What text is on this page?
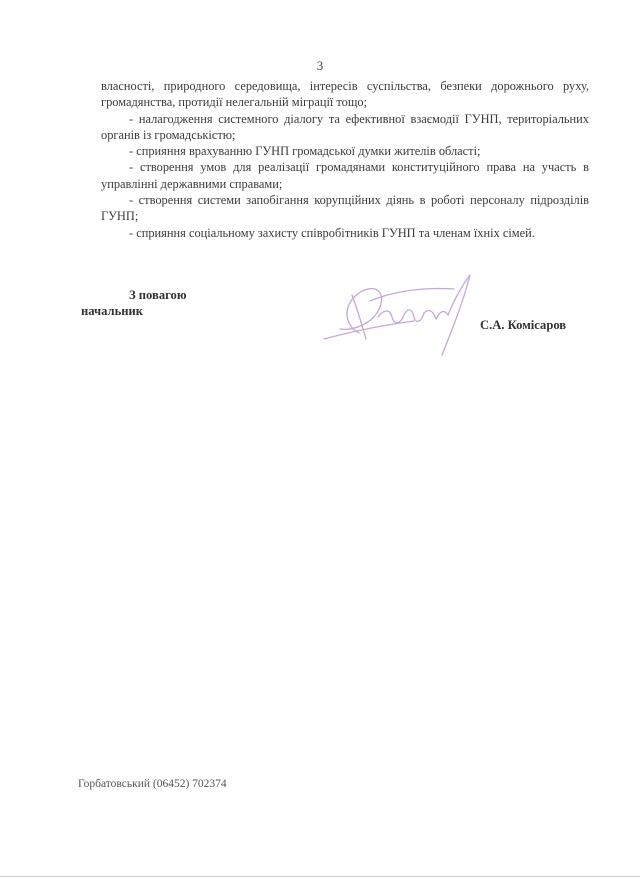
3

власності, природного середовища, інтересів суспільства, безпеки дорожнього руху, громадянства, протидії нелегальній міграції тощо;

- налагодження системного діалогу та ефективної взаємодії ГУНП, територіальних органів із громадськістю;

- сприяння врахуванню ГУНП громадської думки жителів області;

- створення умов для реалізації громадянами конституційного права на участь в управлінні державними справами;

- створення системи запобігання корупційних діянь в роботі персоналу підрозділів ГУНП;

- сприяння соціальному захисту співробітників ГУНП та членам їхніх сімей.

З повагою
начальник
С.А. Комісаров
Горбатовський (06452) 702374
